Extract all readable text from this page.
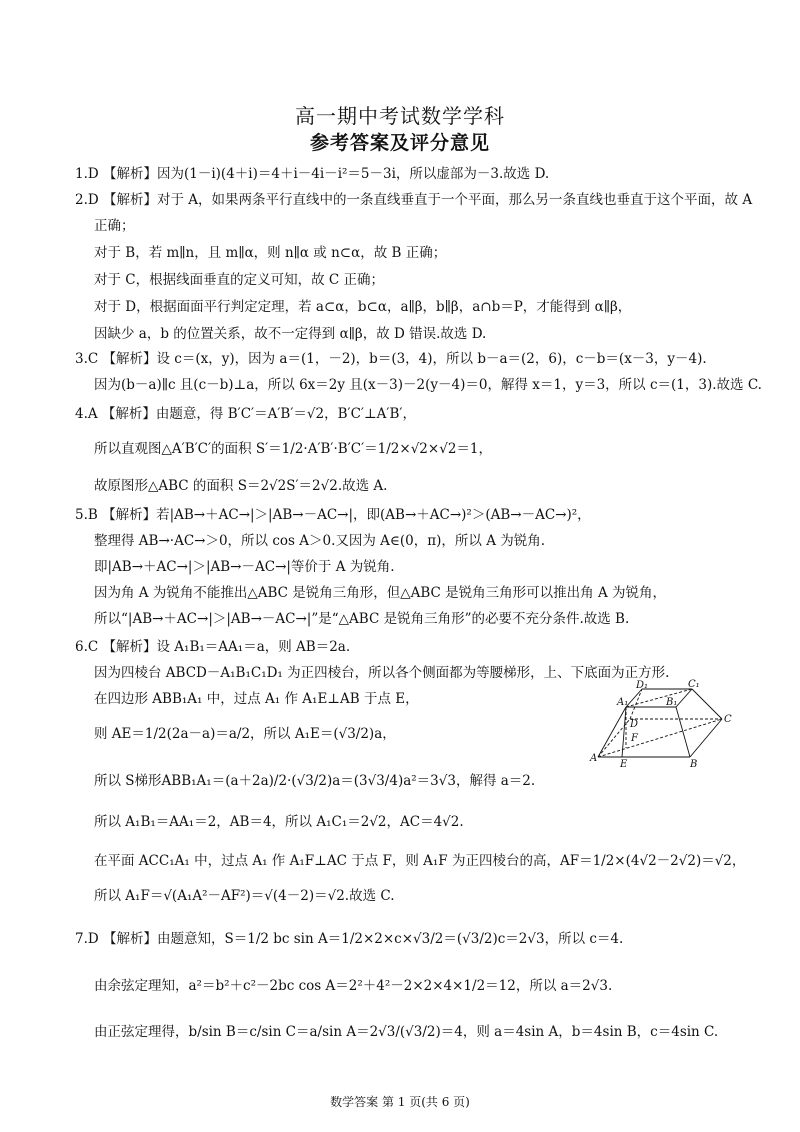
高一期中考试数学学科
参考答案及评分意见
1.D 【解析】因为(1－i)(4＋i)＝4＋i－4i－i²＝5－3i，所以虚部为－3.故选 D.
2.D 【解析】对于 A，如果两条平行直线中的一条直线垂直于一个平面，那么另一条直线也垂直于这个平面，故 A
正确；
对于 B，若 m∥n，且 m∥α，则 n∥α 或 n⊂α，故 B 正确；
对于 C，根据线面垂直的定义可知，故 C 正确；
对于 D，根据面面平行判定定理，若 a⊂α，b⊂α，a∥β，b∥β，a∩b＝P，才能得到 α∥β，
因缺少 a，b 的位置关系，故不一定得到 α∥β，故 D 错误.故选 D.
3.C 【解析】设 c＝(x，y)，因为 a＝(1，－2)，b＝(3，4)，所以 b－a＝(2，6)，c－b＝(x－3，y－4).
因为(b－a)∥c 且(c－b)⊥a，所以 6x＝2y 且(x－3)－2(y－4)＝0，解得 x＝1，y＝3，所以 c＝(1，3).故选 C.
4.A 【解析】由题意，得 B′C′＝A′B′＝√2，B′C′⊥A′B′，
所以直观图△A′B′C′的面积 S′＝1/2·A′B′·B′C′＝1/2×√2×√2＝1，
故原图形△ABC 的面积 S＝2√2S′＝2√2.故选 A.
5.B 【解析】若|AB→＋AC→|＞|AB→－AC→|，即(AB→＋AC→)²＞(AB→－AC→)²，
整理得 AB→·AC→＞0，所以 cos A＞0.又因为 A∈(0，π)，所以 A 为锐角.
即|AB→＋AC→|＞|AB→－AC→|等价于 A 为锐角.
因为角 A 为锐角不能推出△ABC 是锐角三角形，但△ABC 是锐角三角形可以推出角 A 为锐角，
所以“|AB→＋AC→|＞|AB→－AC→|”是“△ABC 是锐角三角形”的必要不充分条件.故选 B.
6.C 【解析】设 A₁B₁＝AA₁＝a，则 AB＝2a.
因为四棱台 ABCD－A₁B₁C₁D₁ 为正四棱台，所以各个侧面都为等腰梯形，上、下底面为正方形.
在四边形 ABB₁A₁ 中，过点 A₁ 作 A₁E⊥AB 于点 E，
则 AE＝1/2(2a－a)＝a/2，所以 A₁E＝(√3/2)a，
所以 S梯形ABB₁A₁＝(a＋2a)/2·(√3/2)a＝(3√3/4)a²＝3√3，解得 a＝2.
所以 A₁B₁＝AA₁＝2，AB＝4，所以 A₁C₁＝2√2，AC＝4√2.
在平面 ACC₁A₁ 中，过点 A₁ 作 A₁F⊥AC 于点 F，则 A₁F 为正四棱台的高，AF＝1/2×(4√2－2√2)＝√2，
所以 A₁F＝√(A₁A²－AF²)＝√(4－2)＝√2.故选 C.
7.D 【解析】由题意知，S＝1/2 bc sin A＝1/2×2×c×√3/2＝(√3/2)c＝2√3，所以 c＝4.
由余弦定理知，a²＝b²＋c²－2bc cos A＝2²＋4²－2×2×4×1/2＝12，所以 a＝2√3.
由正弦定理得，b/sin B＝c/sin C＝a/sin A＝2√3/(√3/2)＝4，则 a＝4sin A，b＝4sin B，c＝4sin C.
D₁	C₁
A₁	B₁
D
F
C
A
E	B
数学答案 第 1 页(共 6 页)
